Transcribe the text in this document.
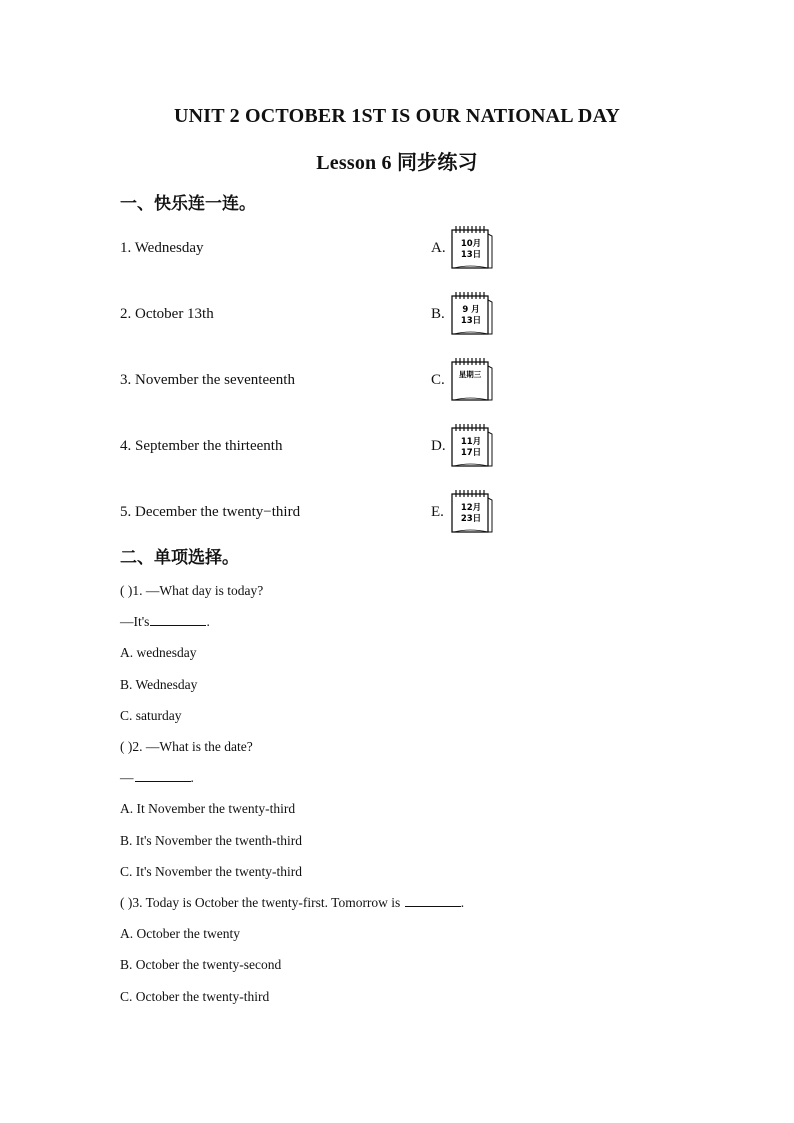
UNIT 2 OCTOBER 1ST IS OUR NATIONAL DAY
Lesson 6 同步练习
一、快乐连一连。
1. Wednesday	A. 10月
13日
2. October 13th	B. 9 月
13日
3. November the seventeenth	C. 星期三
4. September the thirteenth	D. 11月
17日
5. December the twenty−third	E. 12月
23日
二、单项选择。
( )1. —What day is today?
—It's	.
A. wednesday
B. Wednesday
C. saturday
( )2. —What is the date?
—	.
A. It November the twenty-third
B. It's November the twenth-third
C. It's November the twenty-third
( )3. Today is October the twenty-first. Tomorrow is	.
A. October the twenty
B. October the twenty-second
C. October the twenty-third
